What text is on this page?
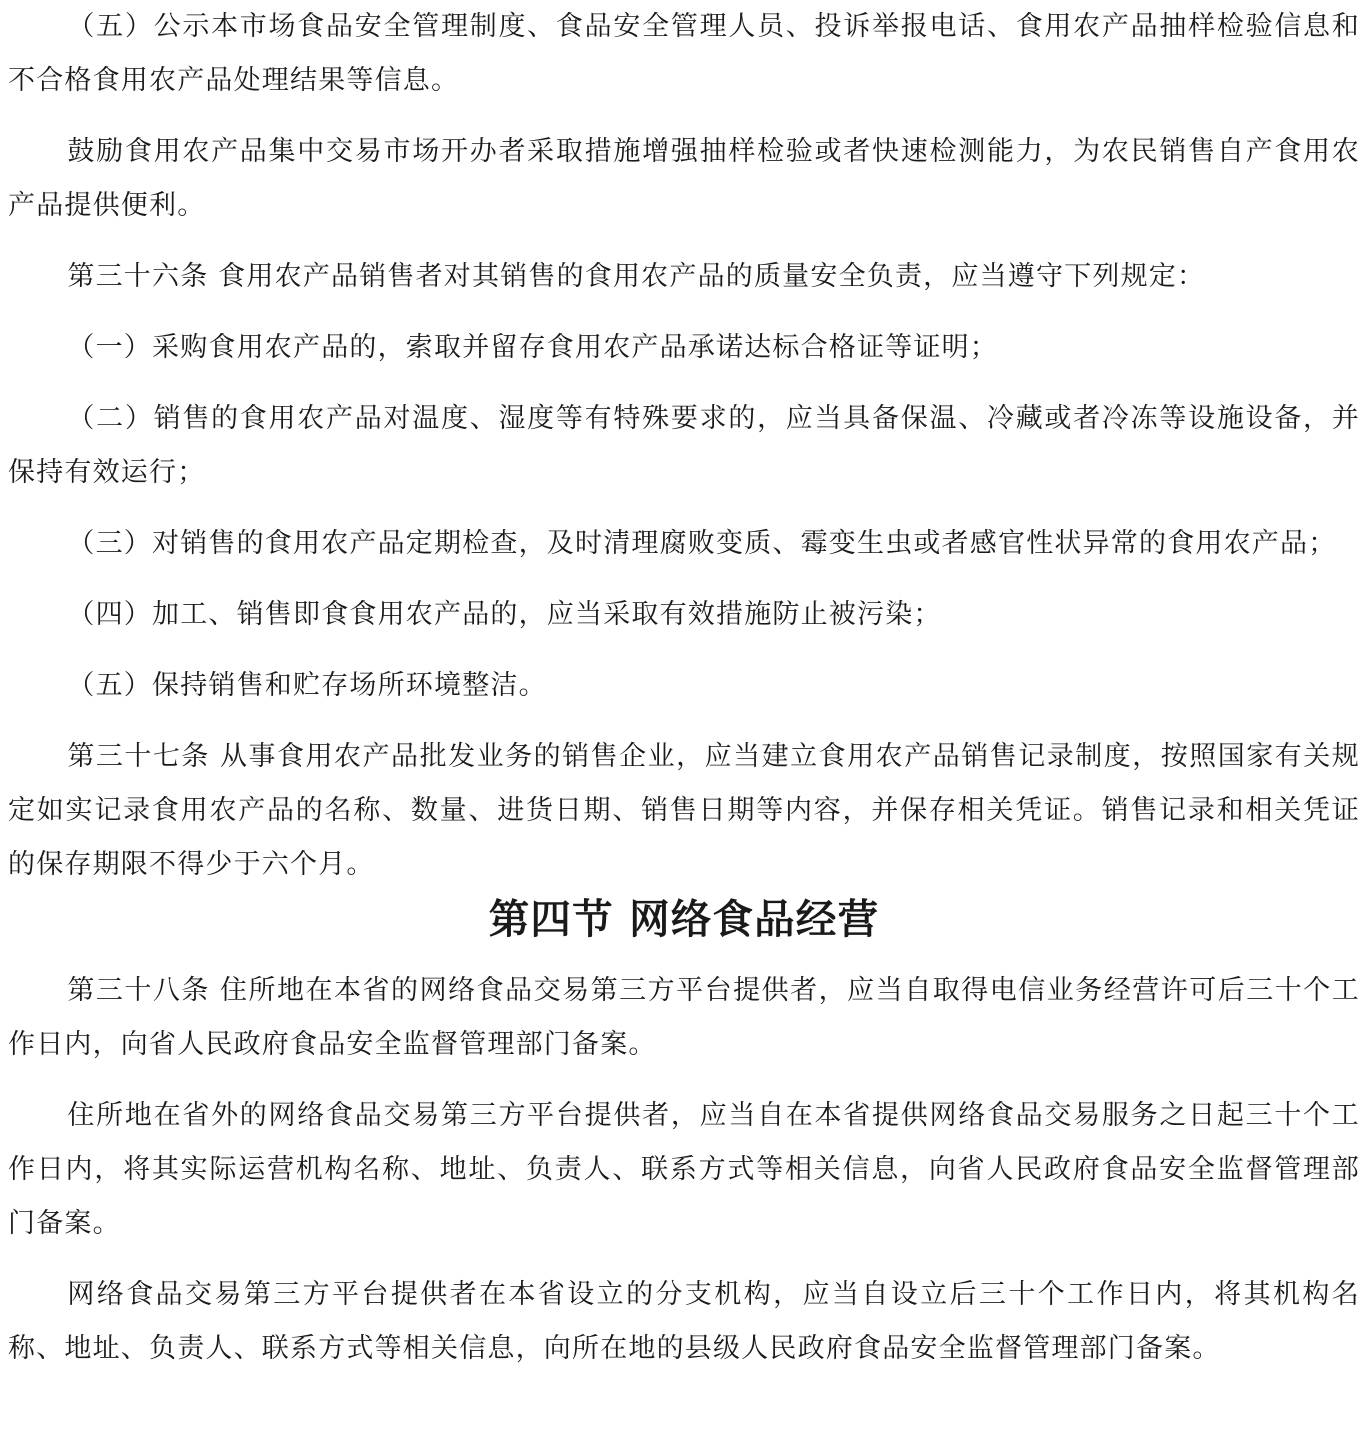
（五）公示本市场食品安全管理制度、食品安全管理人员、投诉举报电话、食用农产品抽样检验信息和不合格食用农产品处理结果等信息。

鼓励食用农产品集中交易市场开办者采取措施增强抽样检验或者快速检测能力，为农民销售自产食用农产品提供便利。

第三十六条 食用农产品销售者对其销售的食用农产品的质量安全负责，应当遵守下列规定：

（一）采购食用农产品的，索取并留存食用农产品承诺达标合格证等证明；

（二）销售的食用农产品对温度、湿度等有特殊要求的，应当具备保温、冷藏或者冷冻等设施设备，并保持有效运行；

（三）对销售的食用农产品定期检查，及时清理腐败变质、霉变生虫或者感官性状异常的食用农产品；

（四）加工、销售即食食用农产品的，应当采取有效措施防止被污染；

（五）保持销售和贮存场所环境整洁。

第三十七条 从事食用农产品批发业务的销售企业，应当建立食用农产品销售记录制度，按照国家有关规定如实记录食用农产品的名称、数量、进货日期、销售日期等内容，并保存相关凭证。销售记录和相关凭证的保存期限不得少于六个月。

第四节 网络食品经营

第三十八条 住所地在本省的网络食品交易第三方平台提供者，应当自取得电信业务经营许可后三十个工作日内，向省人民政府食品安全监督管理部门备案。

住所地在省外的网络食品交易第三方平台提供者，应当自在本省提供网络食品交易服务之日起三十个工作日内，将其实际运营机构名称、地址、负责人、联系方式等相关信息，向省人民政府食品安全监督管理部门备案。

网络食品交易第三方平台提供者在本省设立的分支机构，应当自设立后三十个工作日内，将其机构名称、地址、负责人、联系方式等相关信息，向所在地的县级人民政府食品安全监督管理部门备案。
